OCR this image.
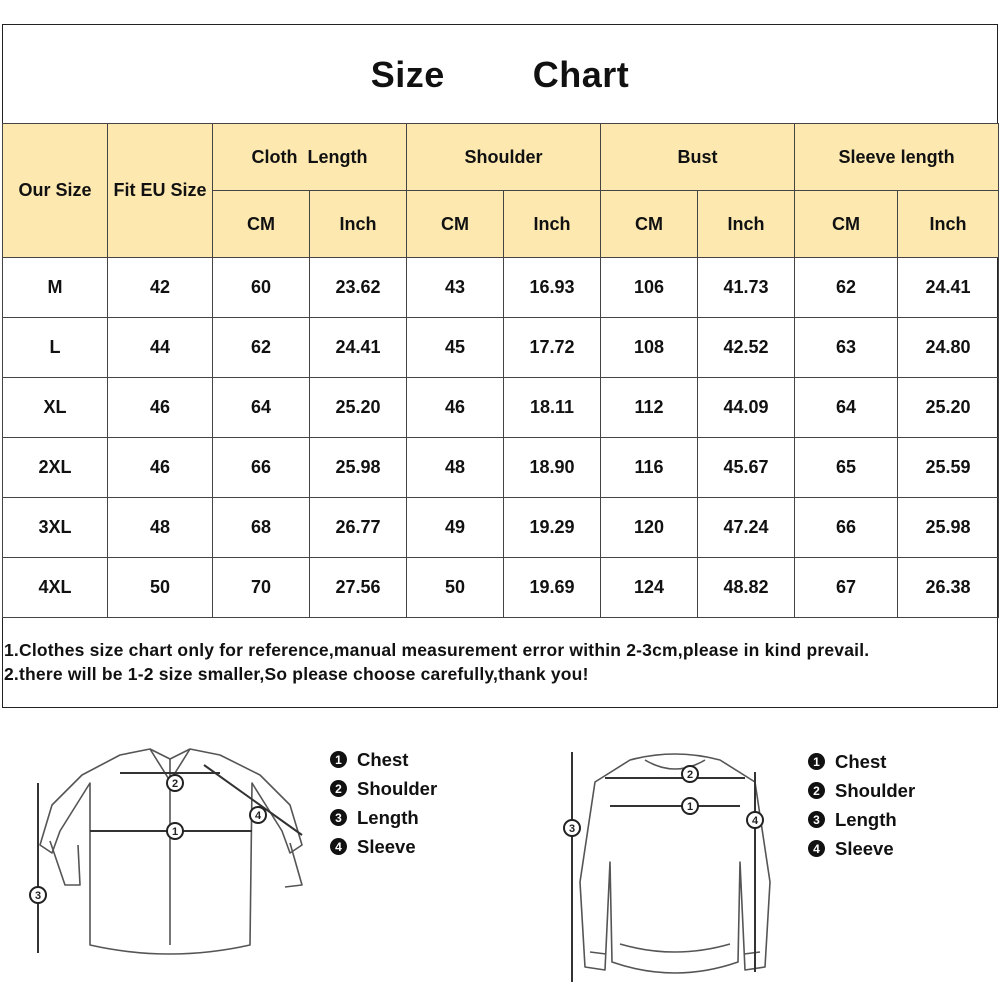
Size Chart
Our Size	Fit EU Size	Cloth  Length		Shoulder		Bust		Sleeve length	
		CM	Inch	CM	Inch	CM	Inch	CM	Inch
M	42	60	23.62	43	16.93	106	41.73	62	24.41
L	44	62	24.41	45	17.72	108	42.52	63	24.80
XL	46	64	25.20	46	18.11	112	44.09	64	25.20
2XL	46	66	25.98	48	18.90	116	45.67	65	25.59
3XL	48	68	26.77	49	19.29	120	47.24	66	25.98
4XL	50	70	27.56	50	19.69	124	48.82	67	26.38
1.Clothes size chart only for reference,manual measurement error within 2-3cm,please in kind prevail.
2.there will be 1-2 size smaller,So please choose carefully,thank you!
1
2
3
4
1 Chest
2 Shoulder
3 Length
4 Sleeve
2
1
3
4
1 Chest
2 Shoulder
3 Length
4 Sleeve
